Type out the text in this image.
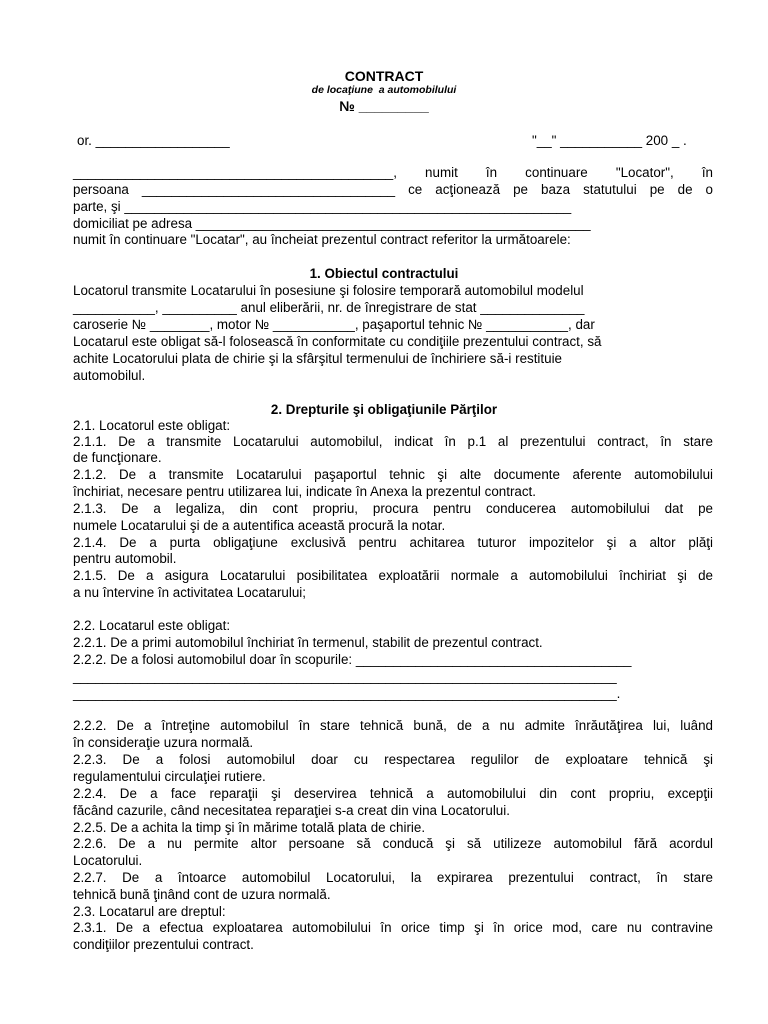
CONTRACT
de locaţiune  a automobilului
№ _________
or. __________________	"__" ___________ 200 _ .
___________________________________________, numit în continuare "Locator", în
persoana __________________________________ ce acţionează pe baza statutului pe de o
parte, şi ____________________________________________________________
domiciliat pe adresa _____________________________________________________
numit în continuare "Locatar", au încheiat prezentul contract referitor la următoarele:
1. Obiectul contractului
Locatorul transmite Locatarului în posesiune şi folosire temporară automobilul modelul
___________, __________ anul eliberării, nr. de înregistrare de stat ______________
caroserie № ________, motor № ___________, paşaportul tehnic № ___________, dar
Locatarul este obligat să-l folosească în conformitate cu condiţiile prezentului contract, să
achite Locatorului plata de chirie şi la sfârşitul termenului de închiriere să-i restituie
automobilul.
2. Drepturile şi obligaţiunile Părţilor
2.1. Locatorul este obligat:
2.1.1. De a transmite Locatarului automobilul, indicat în p.1 al prezentului contract, în stare
de funcţionare.
2.1.2. De a transmite Locatarului paşaportul tehnic şi alte documente aferente automobilului
închiriat, necesare pentru utilizarea lui, indicate în Anexa la prezentul contract.
2.1.3. De a legaliza, din cont propriu, procura pentru conducerea automobilului dat pe
numele Locatarului şi de a autentifica această procură la notar.
2.1.4. De a purta obligaţiune exclusivă pentru achitarea tuturor impozitelor şi a altor plăţi
pentru automobil.
2.1.5. De a asigura Locatarului posibilitatea exploatării normale a automobilului închiriat şi de
a nu întervine în activitatea Locatarului;
2.2. Locatarul este obligat:
2.2.1. De a primi automobilul închiriat în termenul, stabilit de prezentul contract.
2.2.2. De a folosi automobilul doar în scopurile: _____________________________________
_________________________________________________________________________
_________________________________________________________________________.
2.2.2. De a întreţine automobilul în stare tehnică bună, de a nu admite înrăutăţirea lui, luând
în consideraţie uzura normală.
2.2.3. De a folosi automobilul doar cu respectarea regulilor de exploatare tehnică şi
regulamentului circulaţiei rutiere.
2.2.4. De a face reparaţii şi deservirea tehnică a automobilului din cont propriu, excepţii
făcând cazurile, când necesitatea reparaţiei s-a creat din vina Locatorului.
2.2.5. De a achita la timp şi în mărime totală plata de chirie.
2.2.6. De a nu permite altor persoane să conducă şi să utilizeze automobilul fără acordul
Locatorului.
2.2.7. De a întoarce automobilul Locatorului, la expirarea prezentului contract, în stare
tehnică bună ţinând cont de uzura normală.
2.3. Locatarul are dreptul:
2.3.1. De a efectua exploatarea automobilului în orice timp şi în orice mod, care nu contravine
condiţiilor prezentului contract.
